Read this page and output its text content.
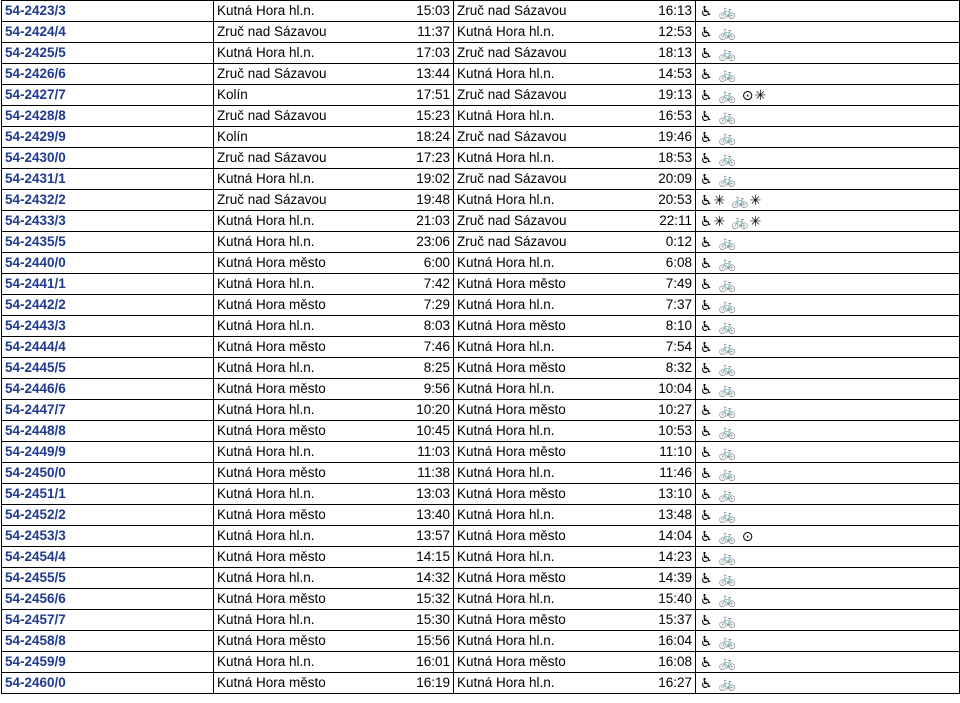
54-2423/3	Kutná Hora hl.n.	15:03	Zruč nad Sázavou	16:13	♿ 🚲
54-2424/4	Zruč nad Sázavou	11:37	Kutná Hora hl.n.	12:53	♿ 🚲
54-2425/5	Kutná Hora hl.n.	17:03	Zruč nad Sázavou	18:13	♿ 🚲
54-2426/6	Zruč nad Sázavou	13:44	Kutná Hora hl.n.	14:53	♿ 🚲
54-2427/7	Kolín	17:51	Zruč nad Sázavou	19:13	♿ 🚲 ⊙✳
54-2428/8	Zruč nad Sázavou	15:23	Kutná Hora hl.n.	16:53	♿ 🚲
54-2429/9	Kolín	18:24	Zruč nad Sázavou	19:46	♿ 🚲
54-2430/0	Zruč nad Sázavou	17:23	Kutná Hora hl.n.	18:53	♿ 🚲
54-2431/1	Kutná Hora hl.n.	19:02	Zruč nad Sázavou	20:09	♿ 🚲
54-2432/2	Zruč nad Sázavou	19:48	Kutná Hora hl.n.	20:53	♿✳ 🚲✳
54-2433/3	Kutná Hora hl.n.	21:03	Zruč nad Sázavou	22:11	♿✳ 🚲✳
54-2435/5	Kutná Hora hl.n.	23:06	Zruč nad Sázavou	0:12	♿ 🚲
54-2440/0	Kutná Hora město	6:00	Kutná Hora hl.n.	6:08	♿ 🚲
54-2441/1	Kutná Hora hl.n.	7:42	Kutná Hora město	7:49	♿ 🚲
54-2442/2	Kutná Hora město	7:29	Kutná Hora hl.n.	7:37	♿ 🚲
54-2443/3	Kutná Hora hl.n.	8:03	Kutná Hora město	8:10	♿ 🚲
54-2444/4	Kutná Hora město	7:46	Kutná Hora hl.n.	7:54	♿ 🚲
54-2445/5	Kutná Hora hl.n.	8:25	Kutná Hora město	8:32	♿ 🚲
54-2446/6	Kutná Hora město	9:56	Kutná Hora hl.n.	10:04	♿ 🚲
54-2447/7	Kutná Hora hl.n.	10:20	Kutná Hora město	10:27	♿ 🚲
54-2448/8	Kutná Hora město	10:45	Kutná Hora hl.n.	10:53	♿ 🚲
54-2449/9	Kutná Hora hl.n.	11:03	Kutná Hora město	11:10	♿ 🚲
54-2450/0	Kutná Hora město	11:38	Kutná Hora hl.n.	11:46	♿ 🚲
54-2451/1	Kutná Hora hl.n.	13:03	Kutná Hora město	13:10	♿ 🚲
54-2452/2	Kutná Hora město	13:40	Kutná Hora hl.n.	13:48	♿ 🚲
54-2453/3	Kutná Hora hl.n.	13:57	Kutná Hora město	14:04	♿ 🚲 ⊙
54-2454/4	Kutná Hora město	14:15	Kutná Hora hl.n.	14:23	♿ 🚲
54-2455/5	Kutná Hora hl.n.	14:32	Kutná Hora město	14:39	♿ 🚲
54-2456/6	Kutná Hora město	15:32	Kutná Hora hl.n.	15:40	♿ 🚲
54-2457/7	Kutná Hora hl.n.	15:30	Kutná Hora město	15:37	♿ 🚲
54-2458/8	Kutná Hora město	15:56	Kutná Hora hl.n.	16:04	♿ 🚲
54-2459/9	Kutná Hora hl.n.	16:01	Kutná Hora město	16:08	♿ 🚲
54-2460/0	Kutná Hora město	16:19	Kutná Hora hl.n.	16:27	♿ 🚲
